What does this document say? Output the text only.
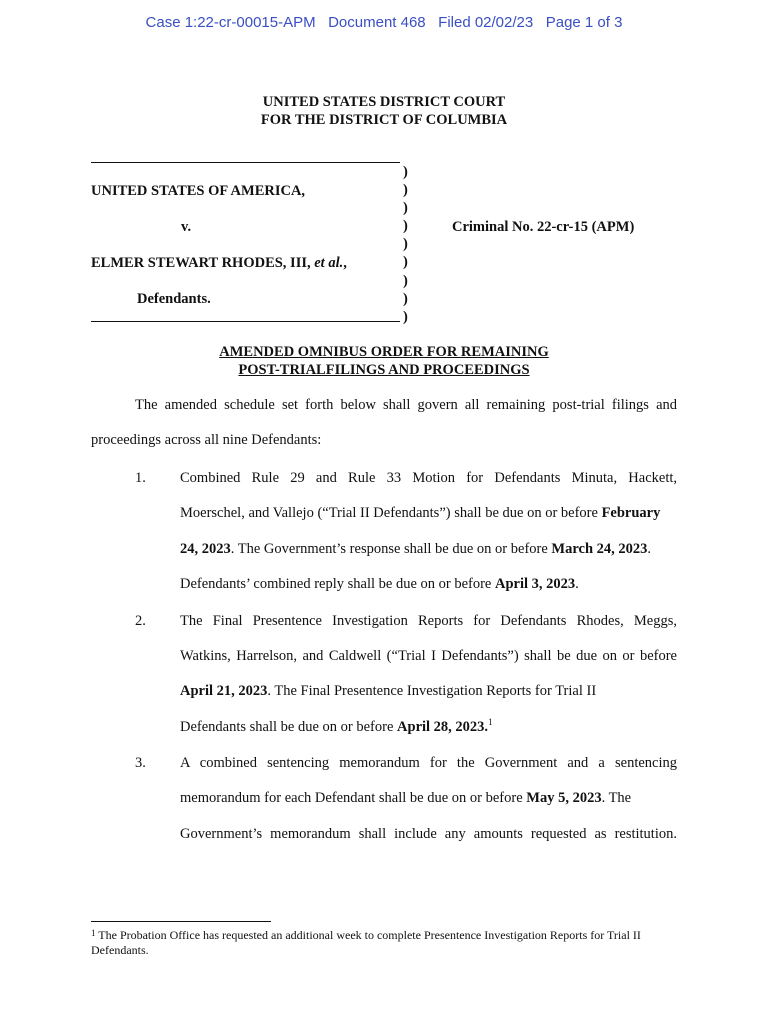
Case 1:22-cr-00015-APM   Document 468   Filed 02/02/23   Page 1 of 3
UNITED STATES DISTRICT COURT
FOR THE DISTRICT OF COLUMBIA
UNITED STATES OF AMERICA,
v.
ELMER STEWART RHODES, III, et al.,
Defendants.
)
)
)
)
)
)
)
)
)
Criminal No. 22-cr-15 (APM)
AMENDED OMNIBUS ORDER FOR REMAINING
POST-TRIALFILINGS AND PROCEEDINGS
The amended schedule set forth below shall govern all remaining post-trial filings and
proceedings across all nine Defendants:
1. Combined Rule 29 and Rule 33 Motion for Defendants Minuta, Hackett,
Moerschel, and Vallejo (“Trial II Defendants”) shall be due on or before February
24, 2023. The Government’s response shall be due on or before March 24, 2023.
Defendants’ combined reply shall be due on or before April 3, 2023.
2. The Final Presentence Investigation Reports for Defendants Rhodes, Meggs,
Watkins, Harrelson, and Caldwell (“Trial I Defendants”) shall be due on or before
April 21, 2023. The Final Presentence Investigation Reports for Trial II
Defendants shall be due on or before April 28, 2023.$^1$
3. A combined sentencing memorandum for the Government and a sentencing
memorandum for each Defendant shall be due on or before May 5, 2023. The
Government’s memorandum shall include any amounts requested as restitution.
$^1$ The Probation Office has requested an additional week to complete Presentence Investigation Reports for Trial II
Defendants.
